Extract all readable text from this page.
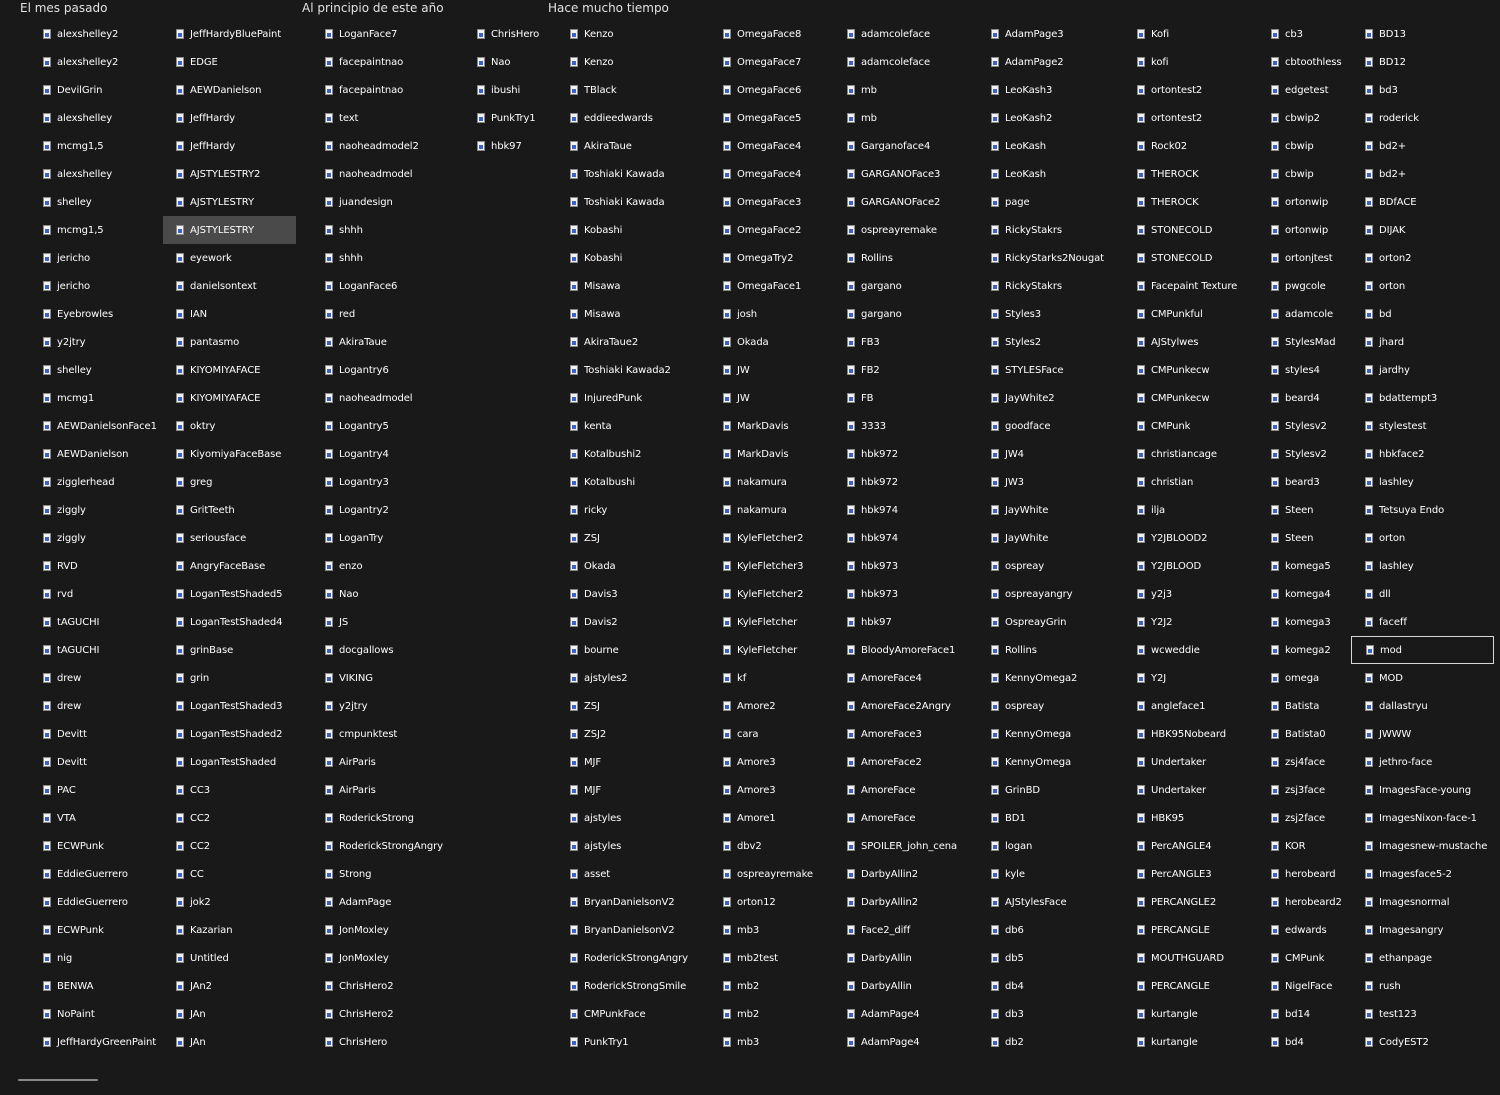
El mes pasado	Al principio de este año	Hace mucho tiempo
alexshelley2
alexshelley2
DevilGrin
alexshelley
mcmg1,5
alexshelley
shelley
mcmg1,5
jericho
jericho
Eyebrowles
y2jtry
shelley
mcmg1
AEWDanielsonFace1
AEWDanielson
zigglerhead
ziggly
ziggly
RVD
rvd
tAGUCHI
tAGUCHI
drew
drew
Devitt
Devitt
PAC
VTA
ECWPunk
EddieGuerrero
EddieGuerrero
ECWPunk
nig
BENWA
NoPaint
JeffHardyGreenPaint
JeffHardyBluePaint
EDGE
AEWDanielson
JeffHardy
JeffHardy
AJSTYLESTRY2
AJSTYLESTRY
AJSTYLESTRY
eyework
danielsontext
IAN
pantasmo
KIYOMIYAFACE
KIYOMIYAFACE
oktry
KiyomiyaFaceBase
greg
GritTeeth
seriousface
AngryFaceBase
LoganTestShaded5
LoganTestShaded4
grinBase
grin
LoganTestShaded3
LoganTestShaded2
LoganTestShaded
CC3
CC2
CC2
CC
jok2
Kazarian
Untitled
JAn2
JAn
JAn
LoganFace7
facepaintnao
facepaintnao
text
naoheadmodel2
naoheadmodel
juandesign
shhh
shhh
LoganFace6
red
AkiraTaue
Logantry6
naoheadmodel
Logantry5
Logantry4
Logantry3
Logantry2
LoganTry
enzo
Nao
JS
docgallows
VIKING
y2jtry
cmpunktest
AirParis
AirParis
RoderickStrong
RoderickStrongAngry
Strong
AdamPage
JonMoxley
JonMoxley
ChrisHero2
ChrisHero2
ChrisHero
ChrisHero
Nao
ibushi
PunkTry1
hbk97
Kenzo
Kenzo
TBlack
eddieedwards
AkiraTaue
Toshiaki Kawada
Toshiaki Kawada
Kobashi
Kobashi
Misawa
Misawa
AkiraTaue2
Toshiaki Kawada2
InjuredPunk
kenta
Kotalbushi2
Kotalbushi
ricky
ZSJ
Okada
Davis3
Davis2
bourne
ajstyles2
ZSJ
ZSJ2
MJF
MJF
ajstyles
ajstyles
asset
BryanDanielsonV2
BryanDanielsonV2
RoderickStrongAngry
RoderickStrongSmile
CMPunkFace
PunkTry1
OmegaFace8
OmegaFace7
OmegaFace6
OmegaFace5
OmegaFace4
OmegaFace4
OmegaFace3
OmegaFace2
OmegaTry2
OmegaFace1
josh
Okada
JW
JW
MarkDavis
MarkDavis
nakamura
nakamura
KyleFletcher2
KyleFletcher3
KyleFletcher2
KyleFletcher
KyleFletcher
kf
Amore2
cara
Amore3
Amore3
Amore1
dbv2
ospreayremake
orton12
mb3
mb2test
mb2
mb2
mb3
adamcoleface
adamcoleface
mb
mb
Garganoface4
GARGANOFace3
GARGANOFace2
ospreayremake
Rollins
gargano
gargano
FB3
FB2
FB
3333
hbk972
hbk972
hbk974
hbk974
hbk973
hbk973
hbk97
BloodyAmoreFace1
AmoreFace4
AmoreFace2Angry
AmoreFace3
AmoreFace2
AmoreFace
AmoreFace
SPOILER_john_cena
DarbyAllin2
DarbyAllin2
Face2_diff
DarbyAllin
DarbyAllin
AdamPage4
AdamPage4
AdamPage3
AdamPage2
LeoKash3
LeoKash2
LeoKash
LeoKash
page
RickyStakrs
RickyStarks2Nougat
RickyStakrs
Styles3
Styles2
STYLESFace
JayWhite2
goodface
JW4
JW3
JayWhite
JayWhite
ospreay
ospreayangry
OspreayGrin
Rollins
KennyOmega2
ospreay
KennyOmega
KennyOmega
GrinBD
BD1
logan
kyle
AJStylesFace
db6
db5
db4
db3
db2
Kofi
kofi
ortontest2
ortontest2
Rock02
THEROCK
THEROCK
STONECOLD
STONECOLD
Facepaint Texture
CMPunkful
AJStylwes
CMPunkecw
CMPunkecw
CMPunk
christiancage
christian
ilja
Y2JBLOOD2
Y2JBLOOD
y2j3
Y2J2
wcweddie
Y2J
angleface1
HBK95Nobeard
Undertaker
Undertaker
HBK95
PercANGLE4
PercANGLE3
PERCANGLE2
PERCANGLE
MOUTHGUARD
PERCANGLE
kurtangle
kurtangle
cb3
cbtoothless
edgetest
cbwip2
cbwip
cbwip
ortonwip
ortonwip
ortonjtest
pwgcole
adamcole
StylesMad
styles4
beard4
Stylesv2
Stylesv2
beard3
Steen
Steen
komega5
komega4
komega3
komega2
omega
Batista
Batista0
zsj4face
zsj3face
zsj2face
KOR
herobeard
herobeard2
edwards
CMPunk
NigelFace
bd14
bd4
BD13
BD12
bd3
roderick
bd2+
bd2+
BDfACE
DIJAK
orton2
orton
bd
jhard
jardhy
bdattempt3
stylestest
hbkface2
lashley
Tetsuya Endo
orton
lashley
dll
faceff
mod
MOD
dallastryu
JWWW
jethro-face
ImagesFace-young
ImagesNixon-face-1
Imagesnew-mustache
Imagesface5-2
Imagesnormal
Imagesangry
ethanpage
rush
test123
CodyEST2
